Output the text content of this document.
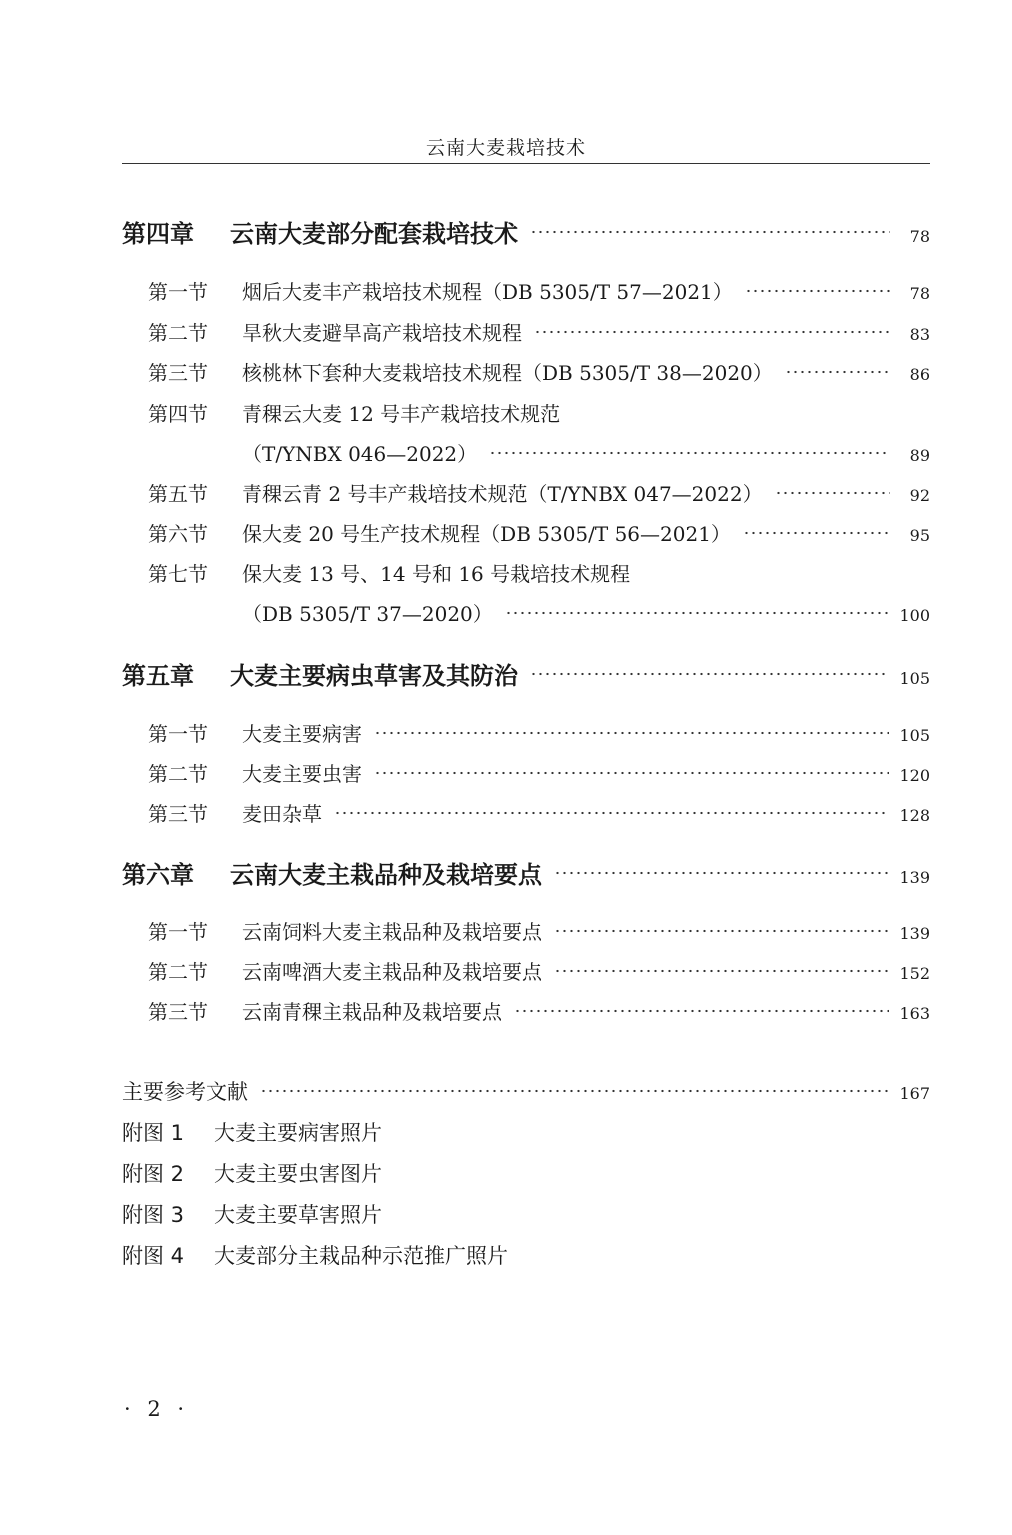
云南大麦栽培技术
第四章	云南大麦部分配套栽培技术	78
第一节	烟后大麦丰产栽培技术规程（DB 5305/T 57—2021）	78
第二节	旱秋大麦避旱高产栽培技术规程	83
第三节	核桃林下套种大麦栽培技术规程（DB 5305/T 38—2020）	86
第四节	青稞云大麦 12 号丰产栽培技术规范
（T/YNBX 046—2022）	89
第五节	青稞云青 2 号丰产栽培技术规范（T/YNBX 047—2022）	92
第六节	保大麦 20 号生产技术规程（DB 5305/T 56—2021）	95
第七节	保大麦 13 号、14 号和 16 号栽培技术规程
（DB 5305/T 37—2020）	100
第五章	大麦主要病虫草害及其防治	105
第一节	大麦主要病害	105
第二节	大麦主要虫害	120
第三节	麦田杂草	128
第六章	云南大麦主栽品种及栽培要点	139
第一节	云南饲料大麦主栽品种及栽培要点	139
第二节	云南啤酒大麦主栽品种及栽培要点	152
第三节	云南青稞主栽品种及栽培要点	163
主要参考文献	167
附图 1	大麦主要病害照片
附图 2	大麦主要虫害图片
附图 3	大麦主要草害照片
附图 4	大麦部分主栽品种示范推广照片
· 2 ·
